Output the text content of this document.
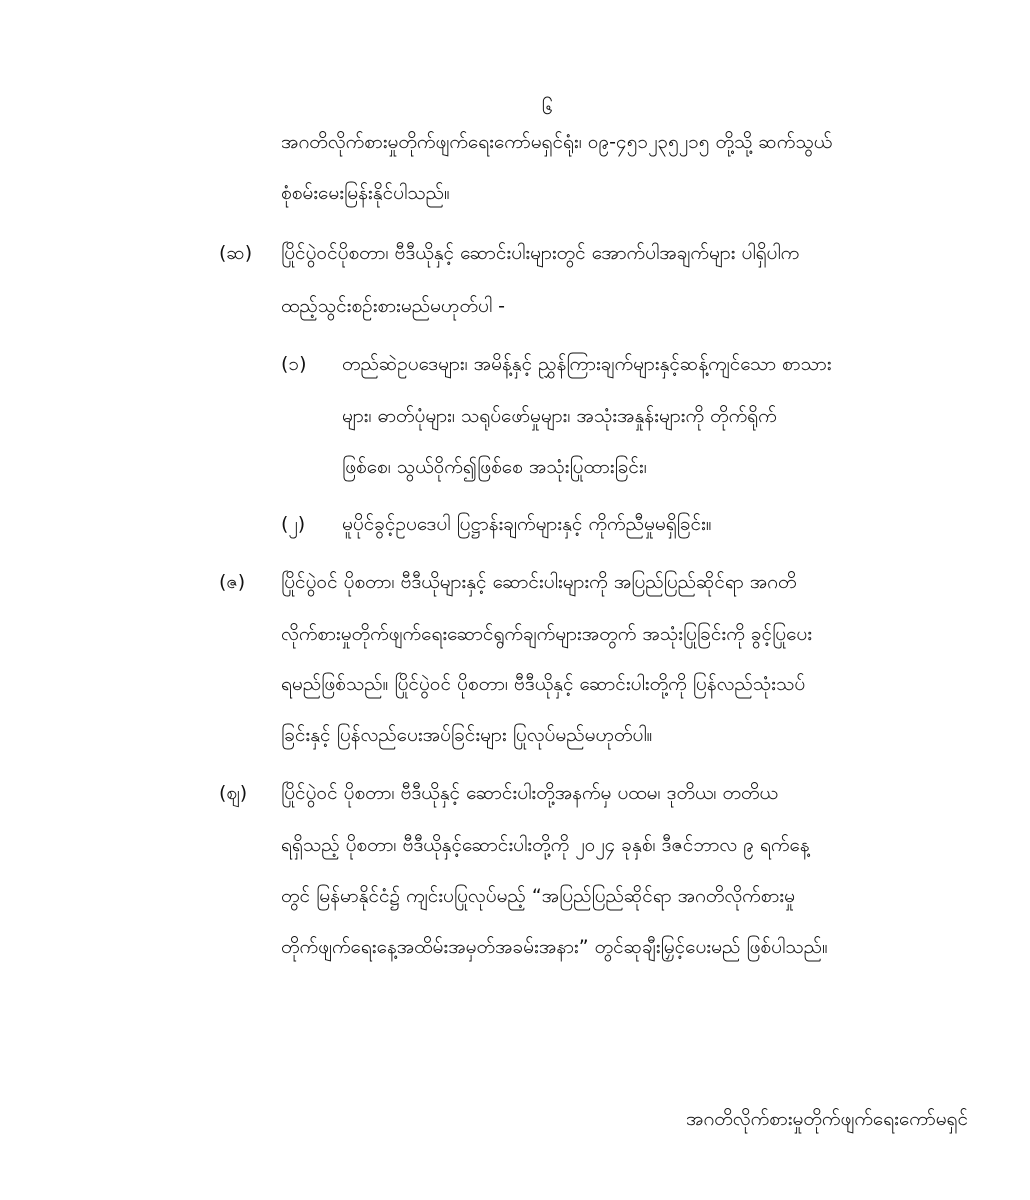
၆
အဂတိလိုက်စားမှုတိုက်ဖျက်ရေးကော်မရှင်ရုံး၊ ၀၉-၄၅၁၂၃၅၂၁၅ တို့သို့ ဆက်သွယ်
စုံစမ်းမေးမြန်းနိုင်ပါသည်။
(ဆ) ပြိုင်ပွဲဝင်ပိုစတာ၊ ဗီဒီယိုနှင့် ဆောင်းပါးများတွင် အောက်ပါအချက်များ ပါရှိပါက
ထည့်သွင်းစဉ်းစားမည်မဟုတ်ပါ -
(၁) တည်ဆဲဥပဒေများ၊ အမိန့်နှင့် ညွှန်ကြားချက်များနှင့်ဆန့်ကျင်သော စာသား
များ၊ ဓာတ်ပုံများ၊ သရုပ်ဖော်မှုများ၊ အသုံးအနှုန်းများကို တိုက်ရိုက်
ဖြစ်စေ၊ သွယ်ဝိုက်၍ဖြစ်စေ အသုံးပြုထားခြင်း၊
(၂) မူပိုင်ခွင့်ဥပဒေပါ ပြဋ္ဌာန်းချက်များနှင့် ကိုက်ညီမှုမရှိခြင်း။
(ဇ) ပြိုင်ပွဲဝင် ပိုစတာ၊ ဗီဒီယိုများနှင့် ဆောင်းပါးများကို အပြည်ပြည်ဆိုင်ရာ အဂတိ
လိုက်စားမှုတိုက်ဖျက်ရေးဆောင်ရွက်ချက်များအတွက် အသုံးပြုခြင်းကို ခွင့်ပြုပေး
ရမည်ဖြစ်သည်။ ပြိုင်ပွဲဝင် ပိုစတာ၊ ဗီဒီယိုနှင့် ဆောင်းပါးတို့ကို ပြန်လည်သုံးသပ်
ခြင်းနှင့် ပြန်လည်ပေးအပ်ခြင်းများ ပြုလုပ်မည်မဟုတ်ပါ။
(ဈ) ပြိုင်ပွဲဝင် ပိုစတာ၊ ဗီဒီယိုနှင့် ဆောင်းပါးတို့အနက်မှ ပထမ၊ ဒုတိယ၊ တတိယ
ရရှိသည့် ပိုစတာ၊ ဗီဒီယိုနှင့်ဆောင်းပါးတို့ကို ၂၀၂၄ ခုနှစ်၊ ဒီဇင်ဘာလ ၉ ရက်နေ့
တွင် မြန်မာနိုင်ငံ၌ ကျင်းပပြုလုပ်မည့် “အပြည်ပြည်ဆိုင်ရာ အဂတိလိုက်စားမှု
တိုက်ဖျက်ရေးနေ့အထိမ်းအမှတ်အခမ်းအနား” တွင်ဆုချီးမြှင့်ပေးမည် ဖြစ်ပါသည်။
အဂတိလိုက်စားမှုတိုက်ဖျက်ရေးကော်မရှင်
